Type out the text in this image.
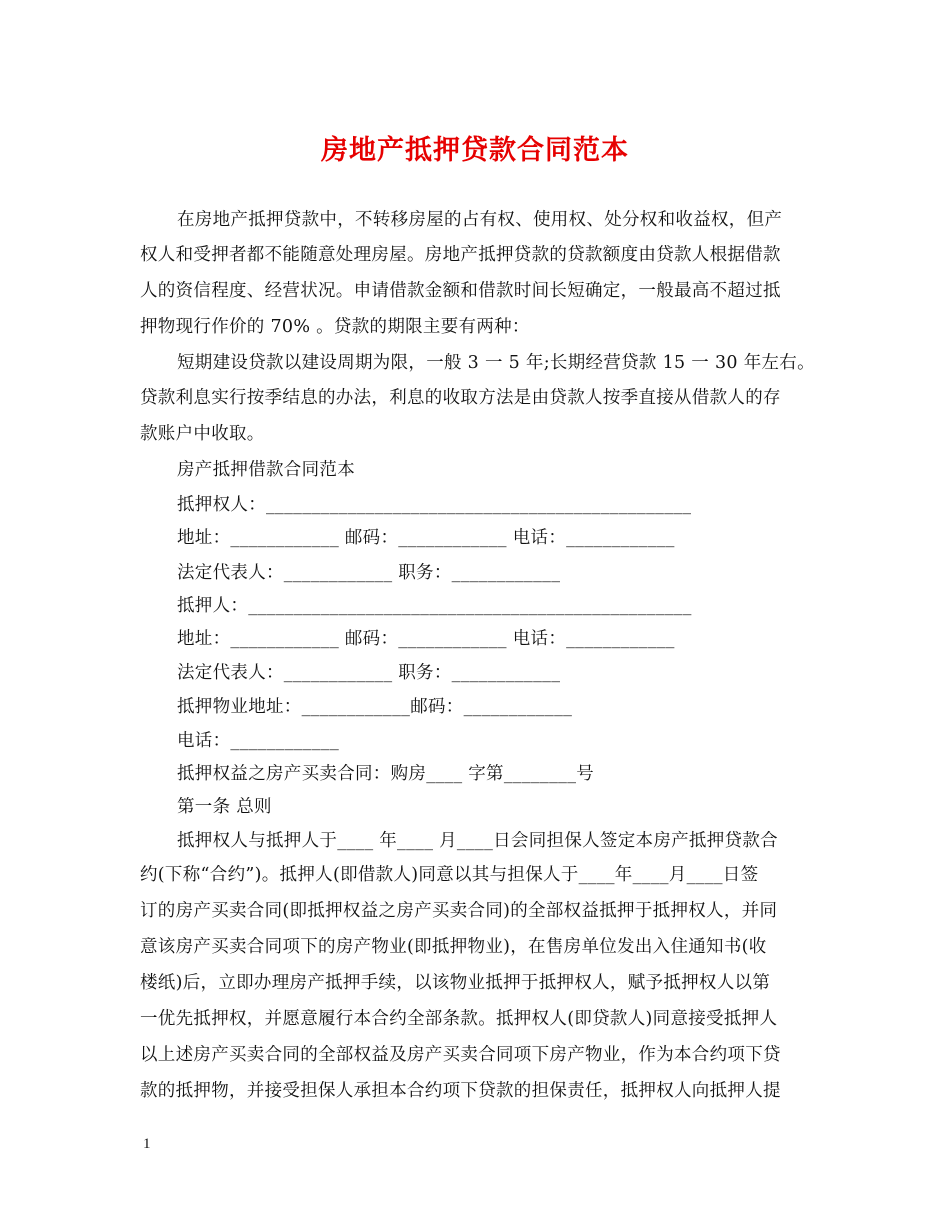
房地产抵押贷款合同范本
在房地产抵押贷款中，不转移房屋的占有权、使用权、处分权和收益权，但产
权人和受押者都不能随意处理房屋。房地产抵押贷款的贷款额度由贷款人根据借款
人的资信程度、经营状况。申请借款金额和借款时间长短确定，一般最高不超过抵
押物现行作价的 70% 。贷款的期限主要有两种：
短期建设贷款以建设周期为限，一般 3 一 5 年;长期经营贷款 15 一 30 年左右。
贷款利息实行按季结息的办法，利息的收取方法是由贷款人按季直接从借款人的存
款账户中收取。
房产抵押借款合同范本
抵押权人：_______________________________________________
地址：____________ 邮码：____________ 电话：____________
法定代表人：____________ 职务：____________
抵押人：_________________________________________________
地址：____________ 邮码：____________ 电话：____________
法定代表人：____________ 职务：____________
抵押物业地址：____________邮码：____________
电话：____________
抵押权益之房产买卖合同：购房____ 字第________号
第一条 总则
抵押权人与抵押人于____ 年____ 月____日会同担保人签定本房产抵押贷款合
约(下称“合约”)。抵押人(即借款人)同意以其与担保人于____年____月____日签
订的房产买卖合同(即抵押权益之房产买卖合同)的全部权益抵押于抵押权人，并同
意该房产买卖合同项下的房产物业(即抵押物业)，在售房单位发出入住通知书(收
楼纸)后，立即办理房产抵押手续，以该物业抵押于抵押权人，赋予抵押权人以第
一优先抵押权，并愿意履行本合约全部条款。抵押权人(即贷款人)同意接受抵押人
以上述房产买卖合同的全部权益及房产买卖合同项下房产物业，作为本合约项下贷
款的抵押物，并接受担保人承担本合约项下贷款的担保责任，抵押权人向抵押人提
1
